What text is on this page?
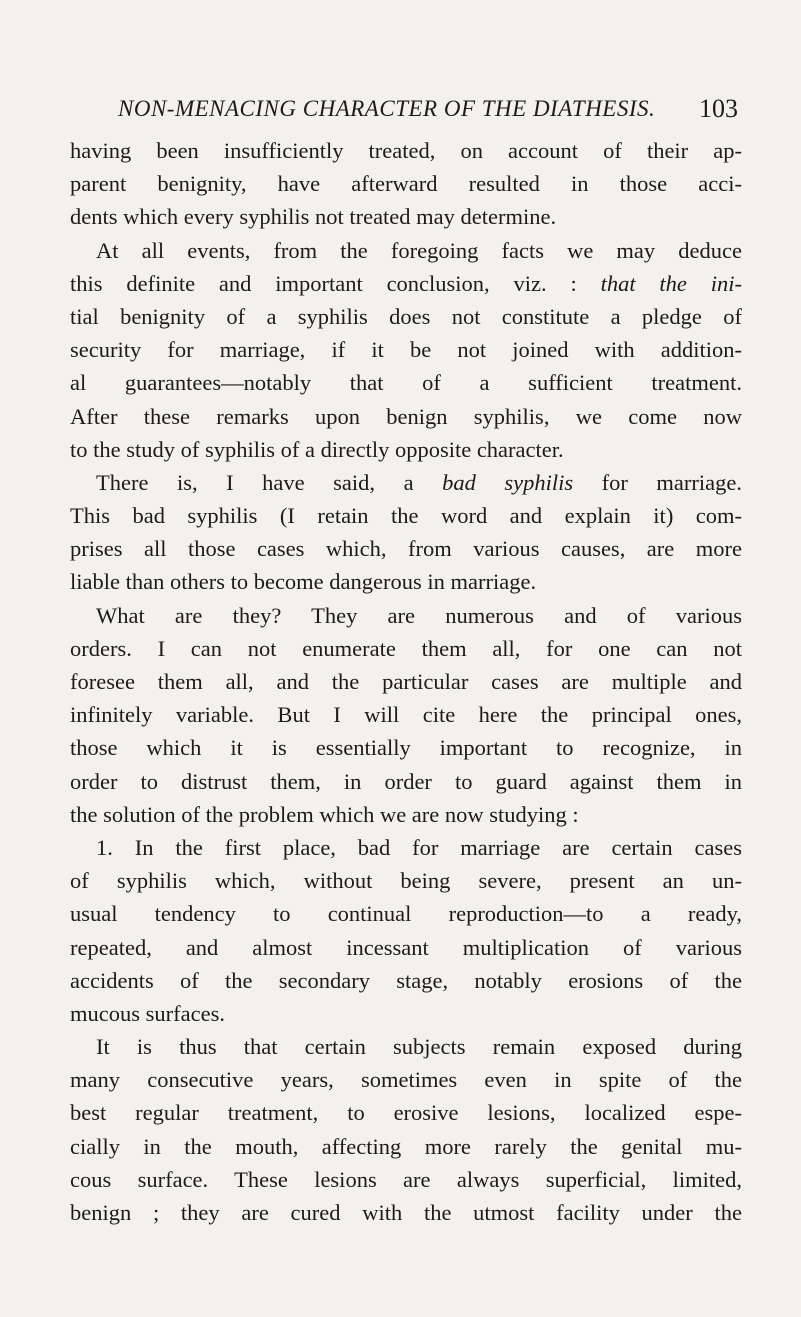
NON-MENACING CHARACTER OF THE DIATHESIS. 103
having been insufficiently treated, on account of their ap-
parent benignity, have afterward resulted in those acci-
dents which every syphilis not treated may determine.
At all events, from the foregoing facts we may deduce
this definite and important conclusion, viz. : that the ini-
tial benignity of a syphilis does not constitute a pledge of
security for marriage, if it be not joined with addition-
al guarantees—notably that of a sufficient treatment.
After these remarks upon benign syphilis, we come now
to the study of syphilis of a directly opposite character.
There is, I have said, a bad syphilis for marriage.
This bad syphilis (I retain the word and explain it) com-
prises all those cases which, from various causes, are more
liable than others to become dangerous in marriage.
What are they? They are numerous and of various
orders. I can not enumerate them all, for one can not
foresee them all, and the particular cases are multiple and
infinitely variable. But I will cite here the principal ones,
those which it is essentially important to recognize, in
order to distrust them, in order to guard against them in
the solution of the problem which we are now studying :
1. In the first place, bad for marriage are certain cases
of syphilis which, without being severe, present an un-
usual tendency to continual reproduction—to a ready,
repeated, and almost incessant multiplication of various
accidents of the secondary stage, notably erosions of the
mucous surfaces.
It is thus that certain subjects remain exposed during
many consecutive years, sometimes even in spite of the
best regular treatment, to erosive lesions, localized espe-
cially in the mouth, affecting more rarely the genital mu-
cous surface. These lesions are always superficial, limited,
benign ; they are cured with the utmost facility under the
